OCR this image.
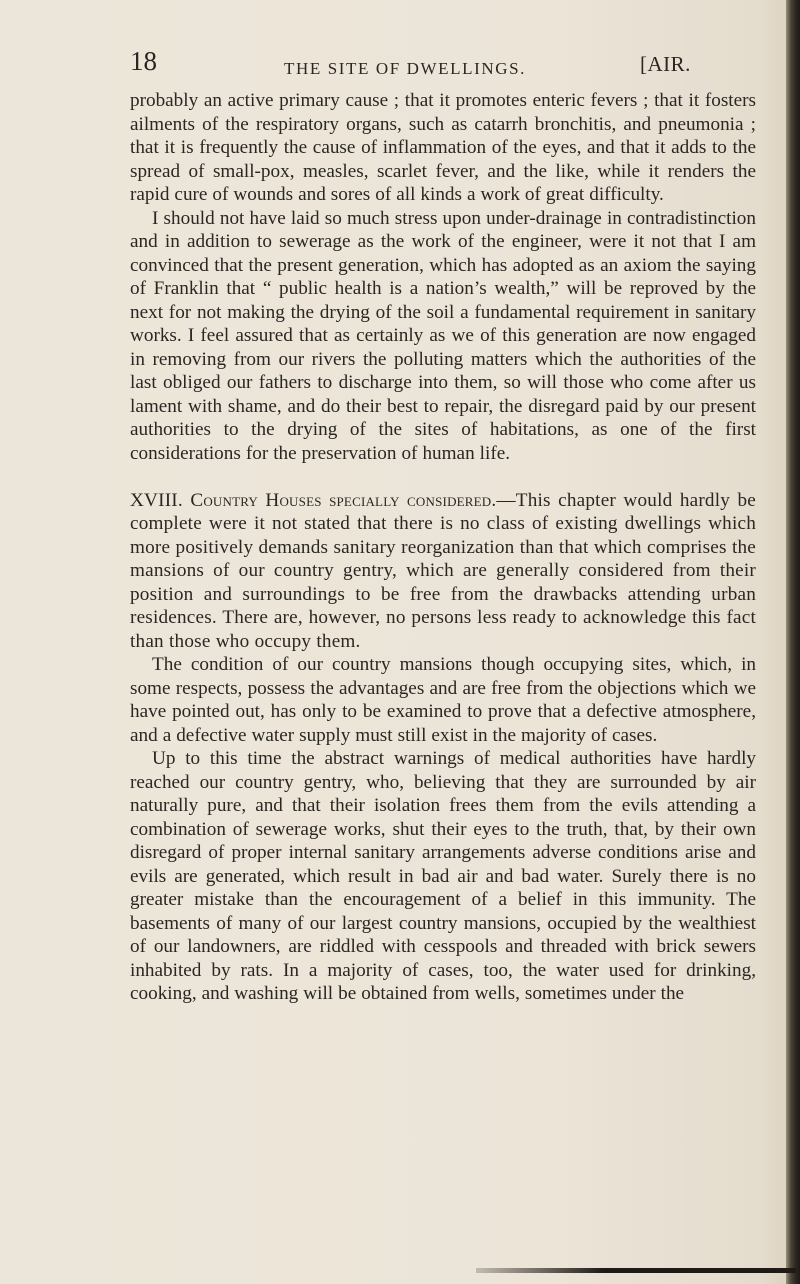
18	THE SITE OF DWELLINGS.	[AIR.

probably an active primary cause ; that it promotes enteric fevers ; that it fosters ailments of the respiratory organs, such as catarrh bronchitis, and pneumonia ; that it is frequently the cause of inflammation of the eyes, and that it adds to the spread of small-pox, measles, scarlet fever, and the like, while it renders the rapid cure of wounds and sores of all kinds a work of great difficulty.

I should not have laid so much stress upon under-drainage in contradistinction and in addition to sewerage as the work of the engineer, were it not that I am convinced that the present generation, which has adopted as an axiom the saying of Franklin that “ public health is a nation’s wealth,” will be reproved by the next for not making the drying of the soil a fundamental requirement in sanitary works. I feel assured that as certainly as we of this generation are now engaged in removing from our rivers the polluting matters which the authorities of the last obliged our fathers to discharge into them, so will those who come after us lament with shame, and do their best to repair, the disregard paid by our present authorities to the drying of the sites of habitations, as one of the first considerations for the preservation of human life.

XVIII. Country Houses specially considered.—This chapter would hardly be complete were it not stated that there is no class of existing dwellings which more positively demands sanitary reorganization than that which comprises the mansions of our country gentry, which are generally considered from their position and surroundings to be free from the drawbacks attending urban residences. There are, however, no persons less ready to acknowledge this fact than those who occupy them.

The condition of our country mansions though occupying sites, which, in some respects, possess the advantages and are free from the objections which we have pointed out, has only to be examined to prove that a defective atmosphere, and a defective water supply must still exist in the majority of cases.

Up to this time the abstract warnings of medical authorities have hardly reached our country gentry, who, believing that they are surrounded by air naturally pure, and that their isolation frees them from the evils attending a combination of sewerage works, shut their eyes to the truth, that, by their own disregard of proper internal sanitary arrangements adverse conditions arise and evils are generated, which result in bad air and bad water. Surely there is no greater mistake than the encouragement of a belief in this immunity. The basements of many of our largest country mansions, occupied by the wealthiest of our landowners, are riddled with cesspools and threaded with brick sewers inhabited by rats. In a majority of cases, too, the water used for drinking, cooking, and washing will be obtained from wells, sometimes under the
